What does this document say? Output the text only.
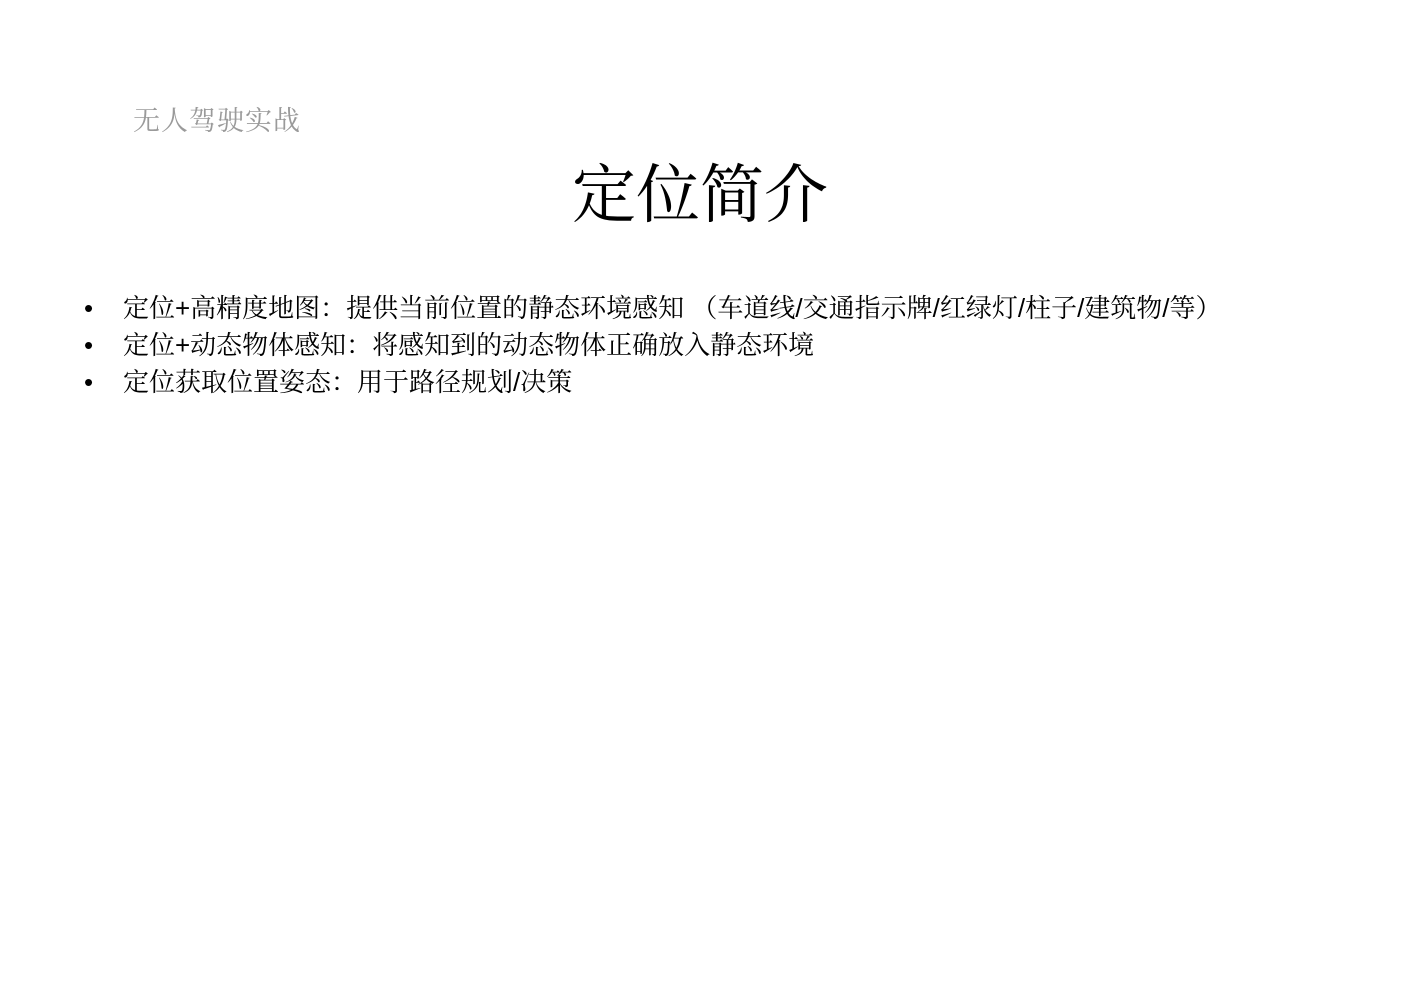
无人驾驶实战
定位简介
•	定位+高精度地图：提供当前位置的静态环境感知 （车道线/交通指示牌/红绿灯/柱子/建筑物/等）
•	定位+动态物体感知：将感知到的动态物体正确放入静态环境
•	定位获取位置姿态：用于路径规划/决策
